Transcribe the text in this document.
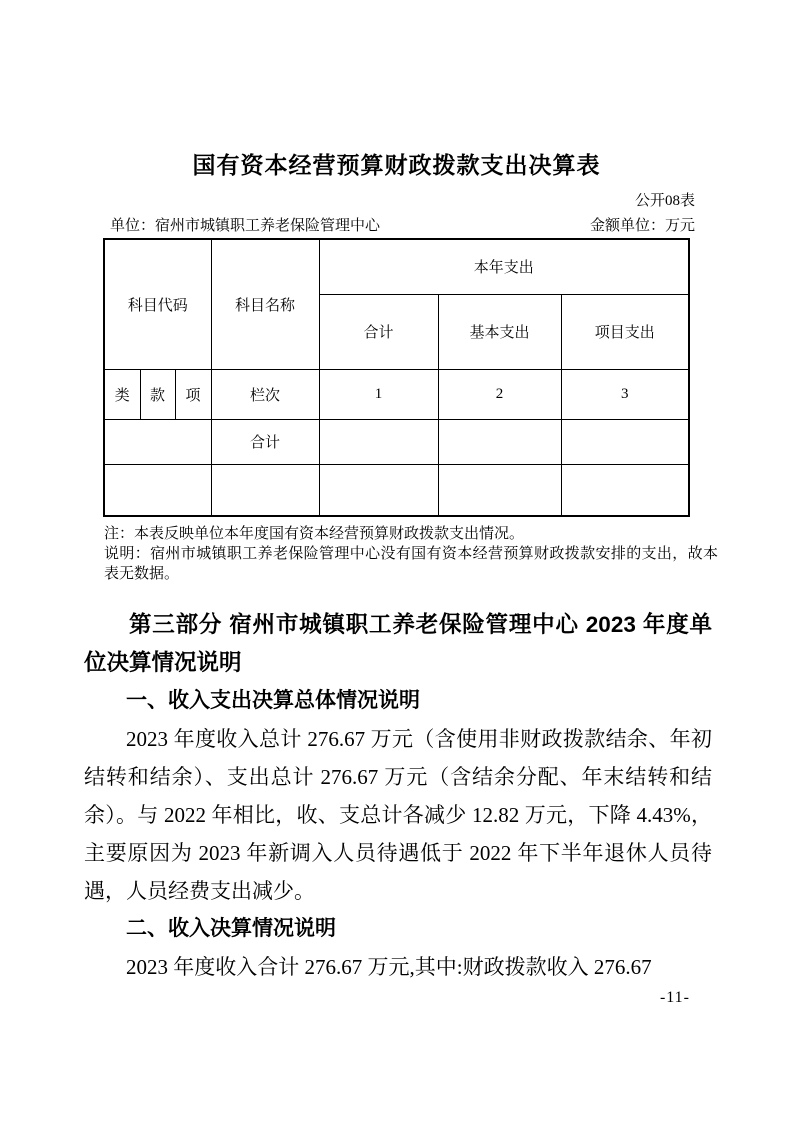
国有资本经营预算财政拨款支出决算表
公开08表
单位：宿州市城镇职工养老保险管理中心	金额单位：万元
科目代码			科目名称	本年支出		
				合计	基本支出	项目支出
类	款	项	栏次	1	2	3
			合计			

注：本表反映单位本年度国有资本经营预算财政拨款支出情况。
说明：宿州市城镇职工养老保险管理中心没有国有资本经营预算财政拨款安排的支出，故本表无数据。
第三部分 宿州市城镇职工养老保险管理中心 2023 年度单位决算情况说明
一、收入支出决算总体情况说明
2023 年度收入总计 276.67 万元（含使用非财政拨款结余、年初结转和结余）、支出总计 276.67 万元（含结余分配、年末结转和结余）。与 2022 年相比，收、支总计各减少 12.82 万元，下降 4.43%，主要原因为 2023 年新调入人员待遇低于 2022 年下半年退休人员待遇，人员经费支出减少。
二、收入决算情况说明
2023 年度收入合计 276.67 万元,其中:财政拨款收入 276.67
-11-
